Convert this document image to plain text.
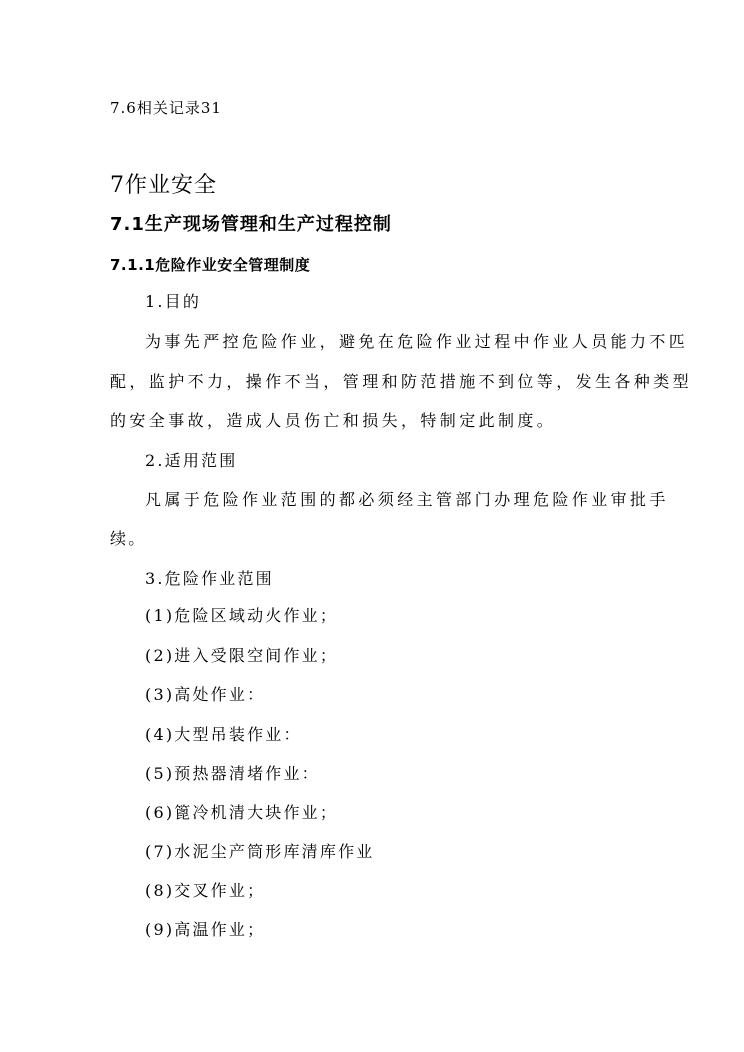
7.6相关记录31
7作业安全
7.1生产现场管理和生产过程控制
7.1.1危险作业安全管理制度
1.目的
为事先严控危险作业，避免在危险作业过程中作业人员能力不匹
配，监护不力，操作不当，管理和防范措施不到位等，发生各种类型
的安全事故，造成人员伤亡和损失，特制定此制度。
2.适用范围
凡属于危险作业范围的都必须经主管部门办理危险作业审批手
续。
3.危险作业范围
(1)危险区域动火作业；
(2)进入受限空间作业；
(3)高处作业：
(4)大型吊装作业：
(5)预热器清堵作业：
(6)篦冷机清大块作业；
(7)水泥尘产筒形库清库作业
(8)交叉作业；
(9)高温作业；
